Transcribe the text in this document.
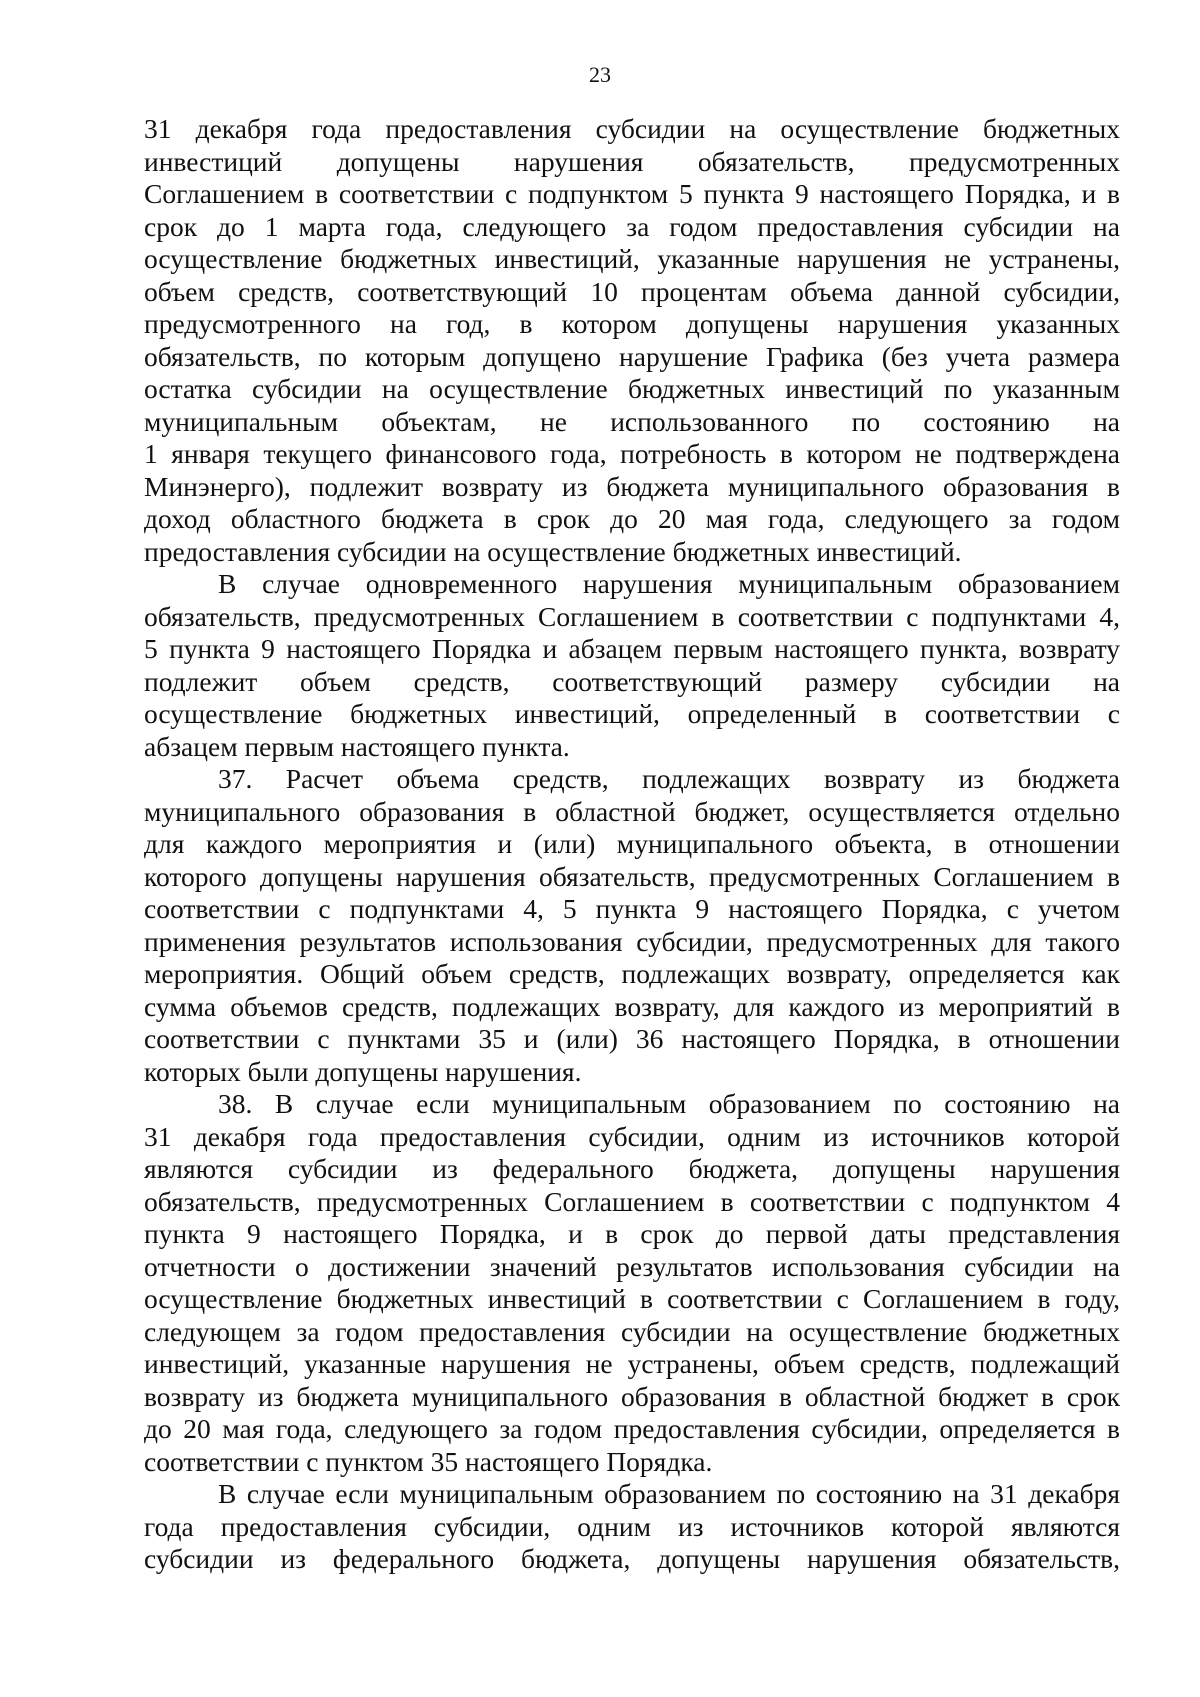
23
31 декабря года предоставления субсидии на осуществление бюджетных
инвестиций допущены нарушения обязательств, предусмотренных
Соглашением в соответствии с подпунктом 5 пункта 9 настоящего Порядка, и в
срок до 1 марта года, следующего за годом предоставления субсидии на
осуществление бюджетных инвестиций, указанные нарушения не устранены,
объем средств, соответствующий 10 процентам объема данной субсидии,
предусмотренного на год, в котором допущены нарушения указанных
обязательств, по которым допущено нарушение Графика (без учета размера
остатка субсидии на осуществление бюджетных инвестиций по указанным
муниципальным объектам, не использованного по состоянию на
1 января текущего финансового года, потребность в котором не подтверждена
Минэнерго), подлежит возврату из бюджета муниципального образования в
доход областного бюджета в срок до 20 мая года, следующего за годом
предоставления субсидии на осуществление бюджетных инвестиций.
В случае одновременного нарушения муниципальным образованием
обязательств, предусмотренных Соглашением в соответствии с подпунктами 4,
5 пункта 9 настоящего Порядка и абзацем первым настоящего пункта, возврату
подлежит объем средств, соответствующий размеру субсидии на
осуществление бюджетных инвестиций, определенный в соответствии с
абзацем первым настоящего пункта.
37. Расчет объема средств, подлежащих возврату из бюджета
муниципального образования в областной бюджет, осуществляется отдельно
для каждого мероприятия и (или) муниципального объекта, в отношении
которого допущены нарушения обязательств, предусмотренных Соглашением в
соответствии с подпунктами 4, 5 пункта 9 настоящего Порядка, с учетом
применения результатов использования субсидии, предусмотренных для такого
мероприятия. Общий объем средств, подлежащих возврату, определяется как
сумма объемов средств, подлежащих возврату, для каждого из мероприятий в
соответствии с пунктами 35 и (или) 36 настоящего Порядка, в отношении
которых были допущены нарушения.
38. В случае если муниципальным образованием по состоянию на
31 декабря года предоставления субсидии, одним из источников которой
являются субсидии из федерального бюджета, допущены нарушения
обязательств, предусмотренных Соглашением в соответствии с подпунктом 4
пункта 9 настоящего Порядка, и в срок до первой даты представления
отчетности о достижении значений результатов использования субсидии на
осуществление бюджетных инвестиций в соответствии с Соглашением в году,
следующем за годом предоставления субсидии на осуществление бюджетных
инвестиций, указанные нарушения не устранены, объем средств, подлежащий
возврату из бюджета муниципального образования в областной бюджет в срок
до 20 мая года, следующего за годом предоставления субсидии, определяется в
соответствии с пунктом 35 настоящего Порядка.
В случае если муниципальным образованием по состоянию на 31 декабря
года предоставления субсидии, одним из источников которой являются
субсидии из федерального бюджета, допущены нарушения обязательств,
